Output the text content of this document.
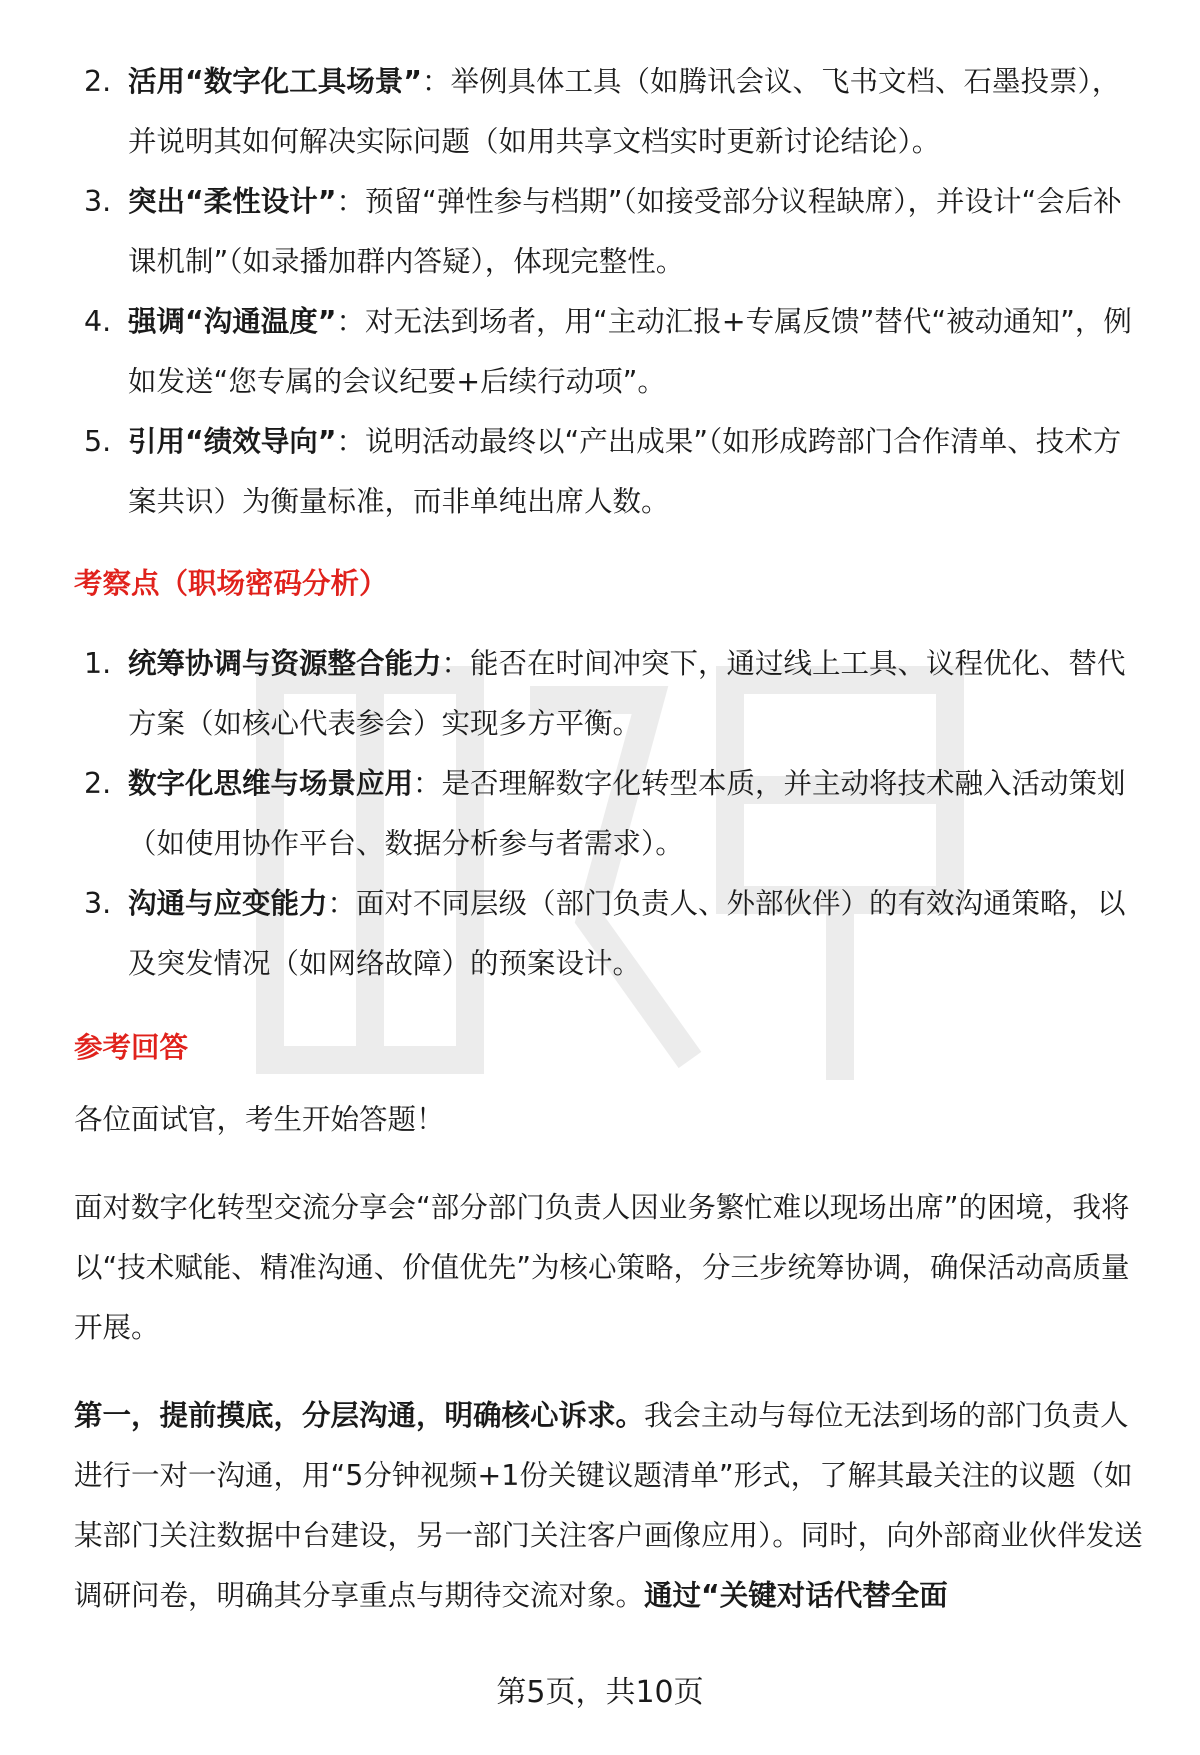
2. 活用“数字化工具场景”：举例具体工具（如腾讯会议、飞书文档、石墨投票），并说明其如何解决实际问题（如用共享文档实时更新讨论结论）。
3. 突出“柔性设计”：预留“弹性参与档期”（如接受部分议程缺席），并设计“会后补课机制”（如录播加群内答疑），体现完整性。
4. 强调“沟通温度”：对无法到场者，用“主动汇报+专属反馈”替代“被动通知”，例如发送“您专属的会议纪要+后续行动项”。
5. 引用“绩效导向”：说明活动最终以“产出成果”（如形成跨部门合作清单、技术方案共识）为衡量标准，而非单纯出席人数。
考察点（职场密码分析）
1. 统筹协调与资源整合能力：能否在时间冲突下，通过线上工具、议程优化、替代方案（如核心代表参会）实现多方平衡。
2. 数字化思维与场景应用：是否理解数字化转型本质，并主动将技术融入活动策划（如使用协作平台、数据分析参与者需求）。
3. 沟通与应变能力：面对不同层级（部门负责人、外部伙伴）的有效沟通策略，以及突发情况（如网络故障）的预案设计。
参考回答

各位面试官，考生开始答题！

面对数字化转型交流分享会“部分部门负责人因业务繁忙难以现场出席”的困境，我将以“技术赋能、精准沟通、价值优先”为核心策略，分三步统筹协调，确保活动高质量开展。

第一，提前摸底，分层沟通，明确核心诉求。我会主动与每位无法到场的部门负责人进行一对一沟通，用“5分钟视频+1份关键议题清单”形式，了解其最关注的议题（如某部门关注数据中台建设，另一部门关注客户画像应用）。同时，向外部商业伙伴发送调研问卷，明确其分享重点与期待交流对象。通过“关键对话代替全面

第5页，共10页
